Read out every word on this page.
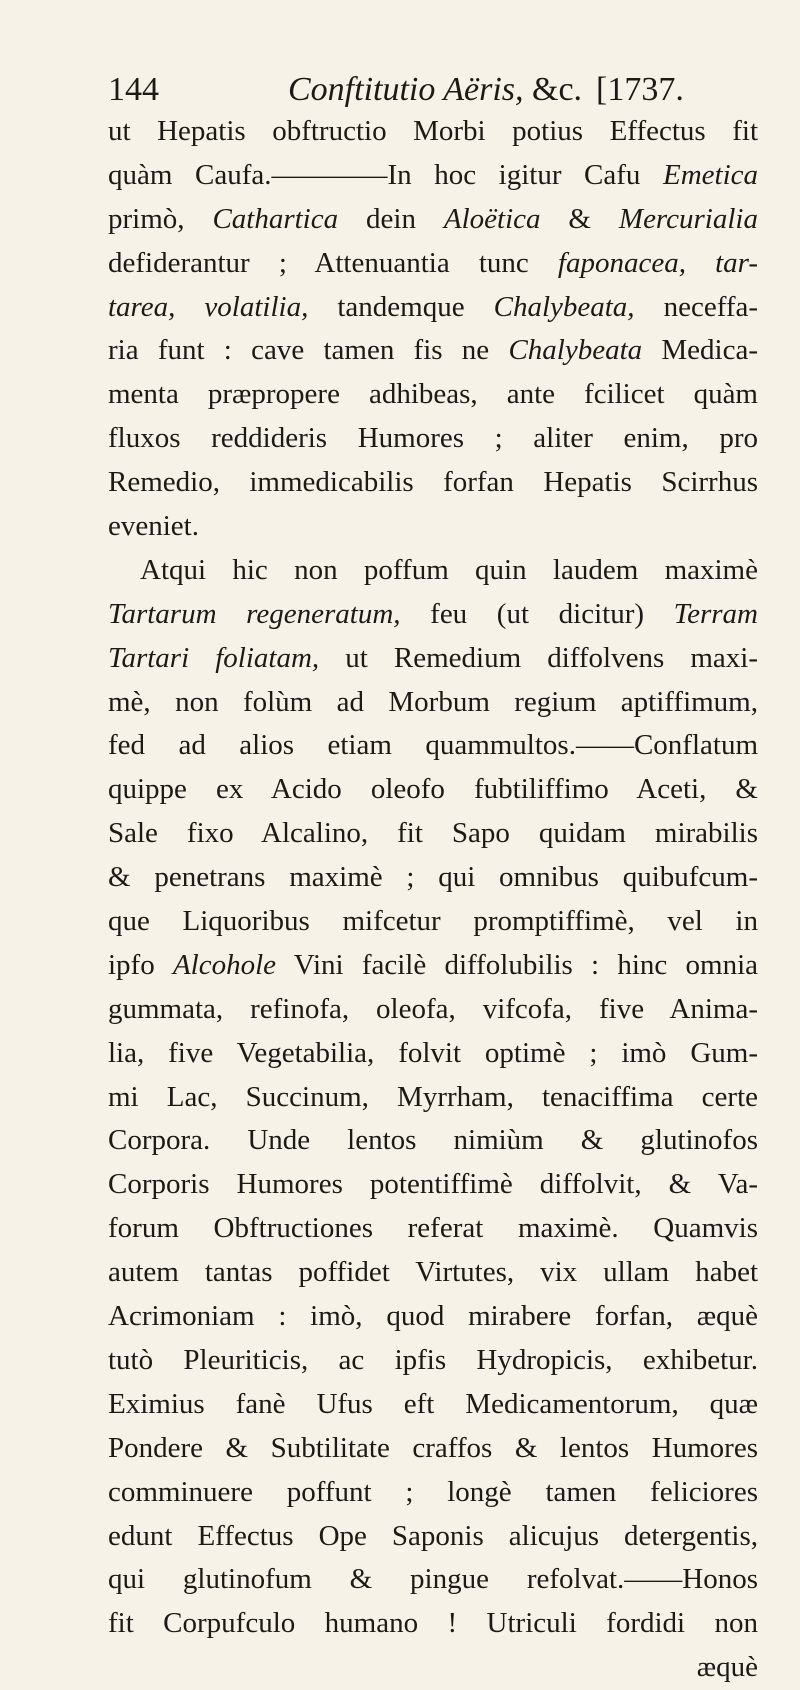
144	Conftitutio Aëris, &c. [1737.
ut Hepatis obftructio Morbi potius Effectus fit
quàm Caufa.————In hoc igitur Cafu Emetica
primò, Cathartica dein Aloëtica & Mercurialia
defiderantur ; Attenuantia tunc faponacea, tar-
tarea, volatilia, tandemque Chalybeata, neceffa-
ria funt : cave tamen fis ne Chalybeata Medica-
menta præpropere adhibeas, ante fcilicet quàm
fluxos reddideris Humores ; aliter enim, pro
Remedio, immedicabilis forfan Hepatis Scirrhus
eveniet.
Atqui hic non poffum quin laudem maximè
Tartarum regeneratum, feu (ut dicitur) Terram
Tartari foliatam, ut Remedium diffolvens maxi-
mè, non folùm ad Morbum regium aptiffimum,
fed ad alios etiam quammultos.——Conflatum
quippe ex Acido oleofo fubtiliffimo Aceti, &
Sale fixo Alcalino, fit Sapo quidam mirabilis
& penetrans maximè ; qui omnibus quibufcum-
que Liquoribus mifcetur promptiffimè, vel in
ipfo Alcohole Vini facilè diffolubilis : hinc omnia
gummata, refinofa, oleofa, vifcofa, five Anima-
lia, five Vegetabilia, folvit optimè ; imò Gum-
mi Lac, Succinum, Myrrham, tenaciffima certe
Corpora. Unde lentos nimiùm & glutinofos
Corporis Humores potentiffimè diffolvit, & Va-
forum Obftructiones referat maximè. Quamvis
autem tantas poffidet Virtutes, vix ullam habet
Acrimoniam : imò, quod mirabere forfan, æquè
tutò Pleuriticis, ac ipfis Hydropicis, exhibetur.
Eximius fanè Ufus eft Medicamentorum, quæ
Pondere & Subtilitate craffos & lentos Humores
comminuere poffunt ; longè tamen feliciores
edunt Effectus Ope Saponis alicujus detergentis,
qui glutinofum & pingue refolvat.——Honos
fit Corpufculo humano ! Utriculi fordidi non
æquè
